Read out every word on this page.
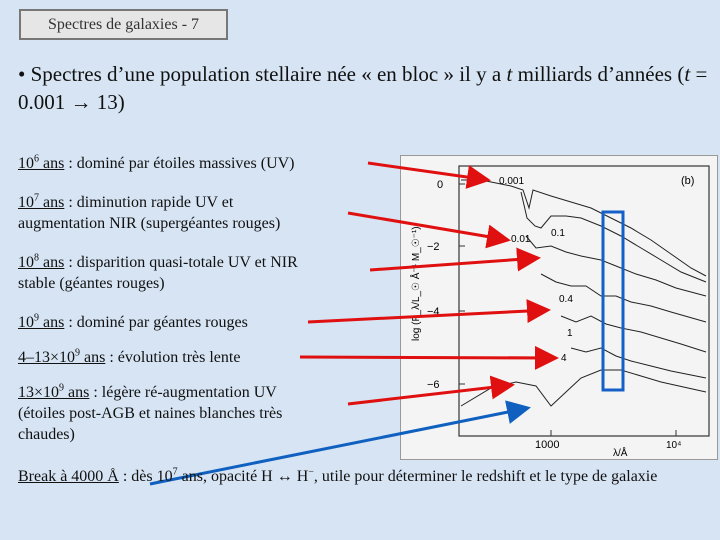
Spectres de galaxies - 7
• Spectres d’une population stellaire née « en bloc » il y a t milliards d’années (t = 0.001 → 13)
$10^6$ ans : dominé par étoiles massives (UV)
$10^7$ ans : diminution rapide UV et
augmentation NIR (supergéantes rouges)
$10^8$ ans : disparition quasi-totale UV et NIR
stable (géantes rouges)
$10^9$ ans : dominé par géantes rouges
$4-13\times 10^9$ ans : évolution très lente
$13\times 10^9$ ans : légère ré-augmentation UV
(étoiles post-AGB et naines blanches très
chaudes)
0
−2
−4
−6
log (F_λ/L_☉ Å⁻¹ M_☉⁻¹)
1000	10⁴
λ/Å
(b)
0.001
0.01
0.1
0.4
1
4
Break à 4000 Å : dès $10^7$ ans, opacité H ↔ H−, utile pour déterminer le redshift et le type de galaxie
